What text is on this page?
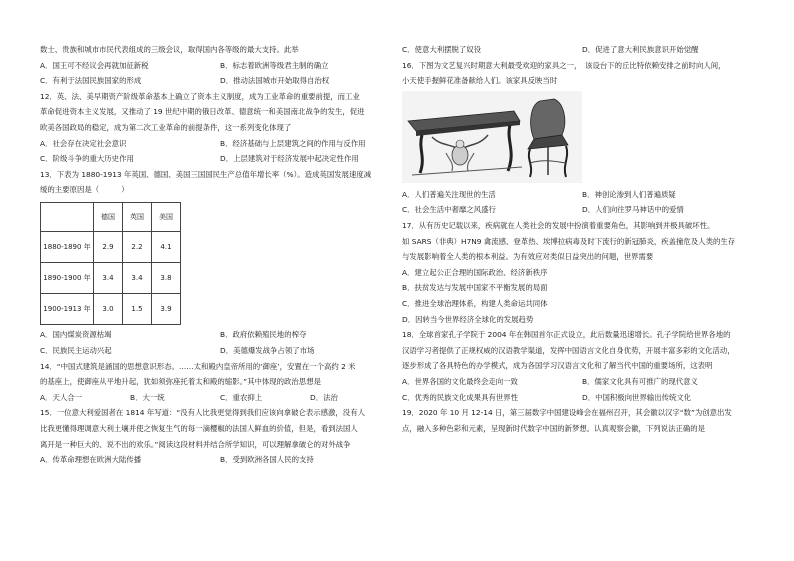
数士、贵族和城市市民代表组成的三级会议，取得国内各等级的最大支持。此举
A．国王可不经议会再就加征新税	B．标志着欧洲等级君主制的确立
C．有利于法国民族国家的形成	D．推动法国城市开始取得自治权
12．英、法、美早期资产阶级革命基本上确立了资本主义制度，成为工业革命的重要前提，而工业
革命促进资本主义发展，又推动了 19 世纪中期的俄日改革、德意统一和美国南北战争的发生，促进
欧美各国政局的稳定，成为第二次工业革命的前提条件，这一系列变化体现了
A．社会存在决定社会意识	B．经济基础与上层建筑之间的作用与反作用
C．阶级斗争的重大历史作用	D．上层建筑对于经济发展中起决定性作用
13．下表为 1880-1913 年英国、德国、美国三国国民生产总值年增长率（%）。造成英国发展速度减
缓的主要原因是（　　　）
	德国	英国	美国
1880-1890 年	2.9	2.2	4.1
1890-1900 年	3.4	3.4	3.8
1900-1913 年	3.0	1.5	3.9
A．国内煤炭资源枯竭	B．政府依赖殖民地的榨夺
C．民族民主运动兴起	D．美德爆发战争占领了市场
14．“中国式建筑是涵国的思想意识形态。……太和殿内皇帝所用的‘御座’，安置在一个高约 2 米
的基座上，使御座从平地升起，犹如须弥座托着太和殿的缩影。”其中体现的政治思想是
A．天人合一	B．大一统	C．重农抑上	D．法治
15．一位意大利爱国者在 1814 年写道：“没有人比我更觉得到我们应该向拿破仑表示感激，没有人
比我更懂得理调意大利土壤并使之恢复生气的每一滴樱椒的法国人鲜血的价值，但是，看到法国人
离开是一种巨大的、说不出的欢乐。”阅读这段材料并结合所学知识，可以理解拿破仑的对外战争
A．传革命理想在欧洲大陆传播	B．受到欧洲各国人民的支持
C．使意大利摆脱了奴役	D．促进了意大利民族意识开始觉醒
16．下图为文艺复兴时期意大利最受欢迎的家具之一，　该设台下的丘比特依赖安排之前时向人间，
小天使手握鲜花准备献给人们。该家具反映当时
A．人们普遍关注现世的生活	B．神创论渗到人们普遍质疑
C．社会生活中奢靡之风盛行	D．人们向往罗马神话中的爱情
17．从有历史记载以来，疾病就在人类社会的发展中扮演着重要角色，其影响到并极具破坏性。
如 SARS（非典）H7N9 禽流感、登革热、埃博拉病毒及时下流行的新冠肺炎，疾盖撞危及人类的生存
与发展影响着全人类的根本利益。为有效应对类似日益突出的问题，世界需要
A．建立起公正合理的国际政治、经济新秩序
B．扶贫发达与发展中国家不平衡发展的局面
C．推进全球治理体系，构建人类命运共同体
D．因转当今世界经济全球化的发展趋势
18．全球首家孔子学院于 2004 年在韩国首尔正式设立，此后数量迅速增长。孔子学院给世界各地的
汉语学习者提供了正规权威的汉语教学渠道，发挥中国语言文化自身优势，开展丰富多彩的文化活动，
逐步形成了各具特色的办学模式，成为各国学习汉语言文化和了解当代中国的重要场所，这表明
A．世界各国的文化最终会走向一致	B．儒家文化具有可推广的现代意义
C．优秀的民族文化成果具有世界性	D．中国积极向世界输出传统文化
19．2020 年 10 月 12-14 日，第三届数字中国建设峰会在福州召开，其会徽以汉字“数”为创意出发
点，融入多种色彩和元素，呈现新时代数字中国的新梦想。认真观察会徽，下列说法正确的是
